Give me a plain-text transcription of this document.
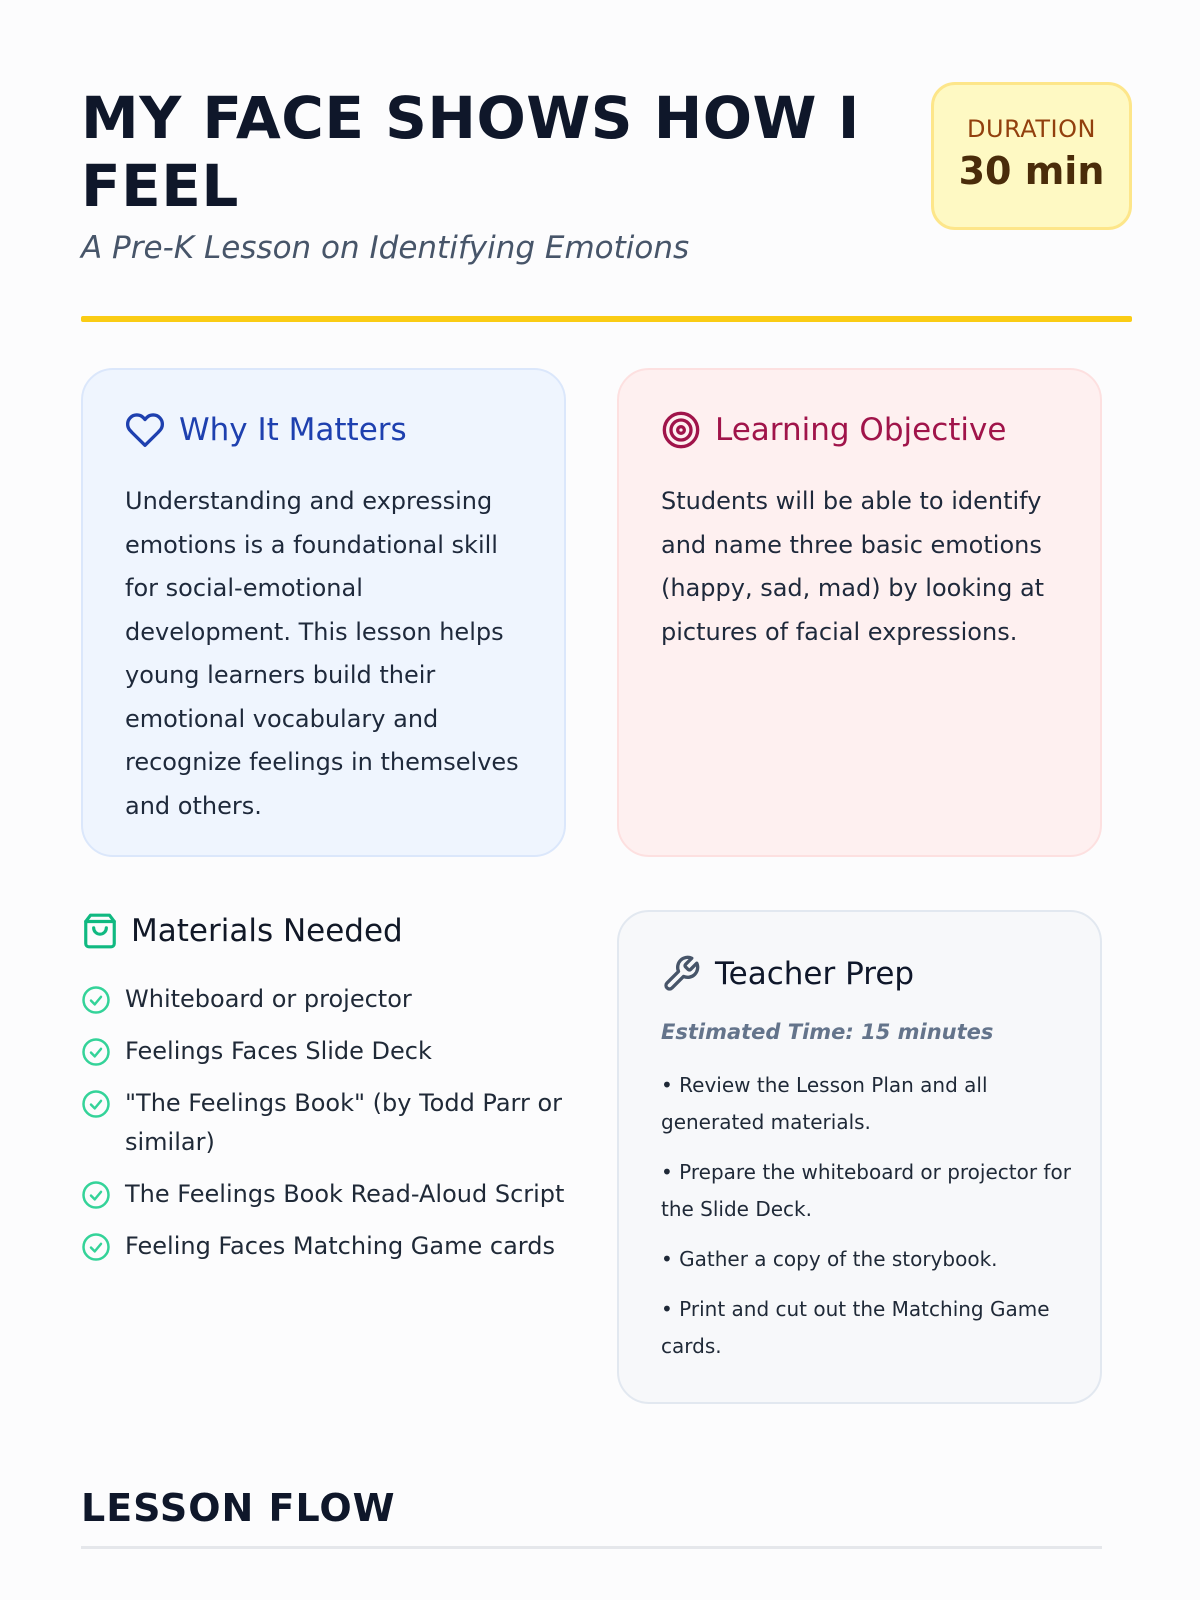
MY FACE SHOWS HOW I FEEL
A Pre-K Lesson on Identifying Emotions
DURATION
30 min
Why It Matters

Understanding and expressing emotions is a foundational skill for social-emotional development. This lesson helps young learners build their emotional vocabulary and recognize feelings in themselves and others.

Learning Objective

Students will be able to identify and name three basic emotions (happy, sad, mad) by looking at pictures of facial expressions.

Materials Needed
Whiteboard or projector
Feelings Faces Slide Deck
"The Feelings Book" (by Todd Parr or similar)
The Feelings Book Read-Aloud Script
Feeling Faces Matching Game cards
Teacher Prep
Estimated Time: 15 minutes
• Review the Lesson Plan and all generated materials.
• Prepare the whiteboard or projector for the Slide Deck.
• Gather a copy of the storybook.
• Print and cut out the Matching Game cards.
LESSON FLOW
